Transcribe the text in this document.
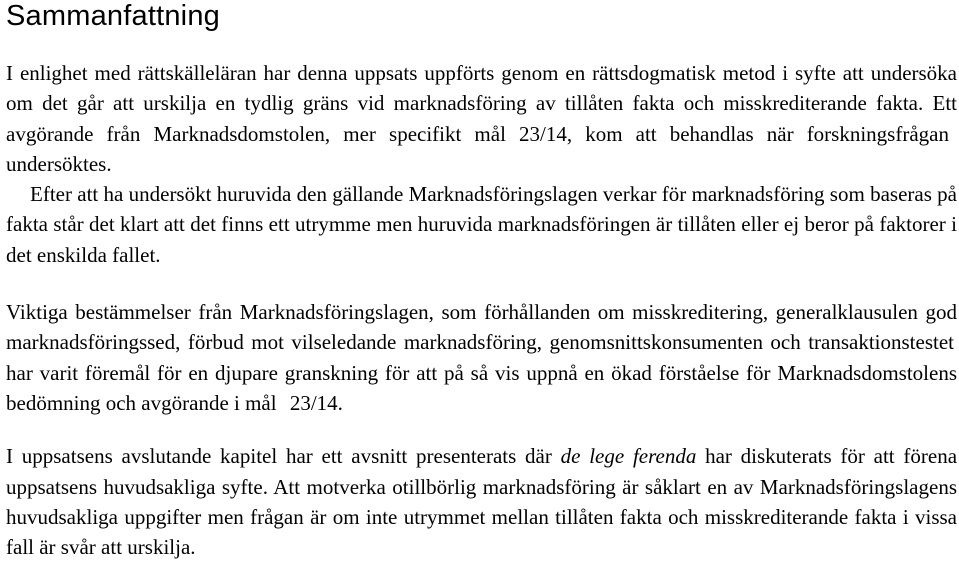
Sammanfattning

I enlighet med rättskälleläran har denna uppsats uppförts genom en rättsdogmatisk metod i syfte att undersöka om det går att urskilja en tydlig gräns vid marknadsföring av tillåten fakta och misskrediterande fakta. Ett avgörande från Marknadsdomstolen, mer specifikt mål 23/14, kom att behandlas när forskningsfråganundersöktes.
Efter att ha undersökt huruvida den gällande Marknadsföringslagen verkar för marknadsföring som baseras på fakta står det klart att det finns ett utrymme men huruvida marknadsföringen är tillåten eller ej beror på faktorer i det enskilda fallet.

Viktiga bestämmelser från Marknadsföringslagen, som förhållanden om misskreditering, generalklausulen god marknadsföringssed, förbud mot vilseledande marknadsföring, genomsnittskonsumenten och transaktionstestet har varit föremål för en djupare granskning för att på så vis uppnå en ökad förståelse för Marknadsdomstolens bedömning och avgörande i mål 23/14.

I uppsatsens avslutande kapitel har ett avsnitt presenterats där de lege ferenda har diskuterats för att förena uppsatsens huvudsakliga syfte. Att motverka otillbörlig marknadsföring är såklart en av Marknadsföringslagens huvudsakliga uppgifter men frågan är om inte utrymmet mellan tillåten fakta och misskrediterande fakta i vissa fall är svår att urskilja.
